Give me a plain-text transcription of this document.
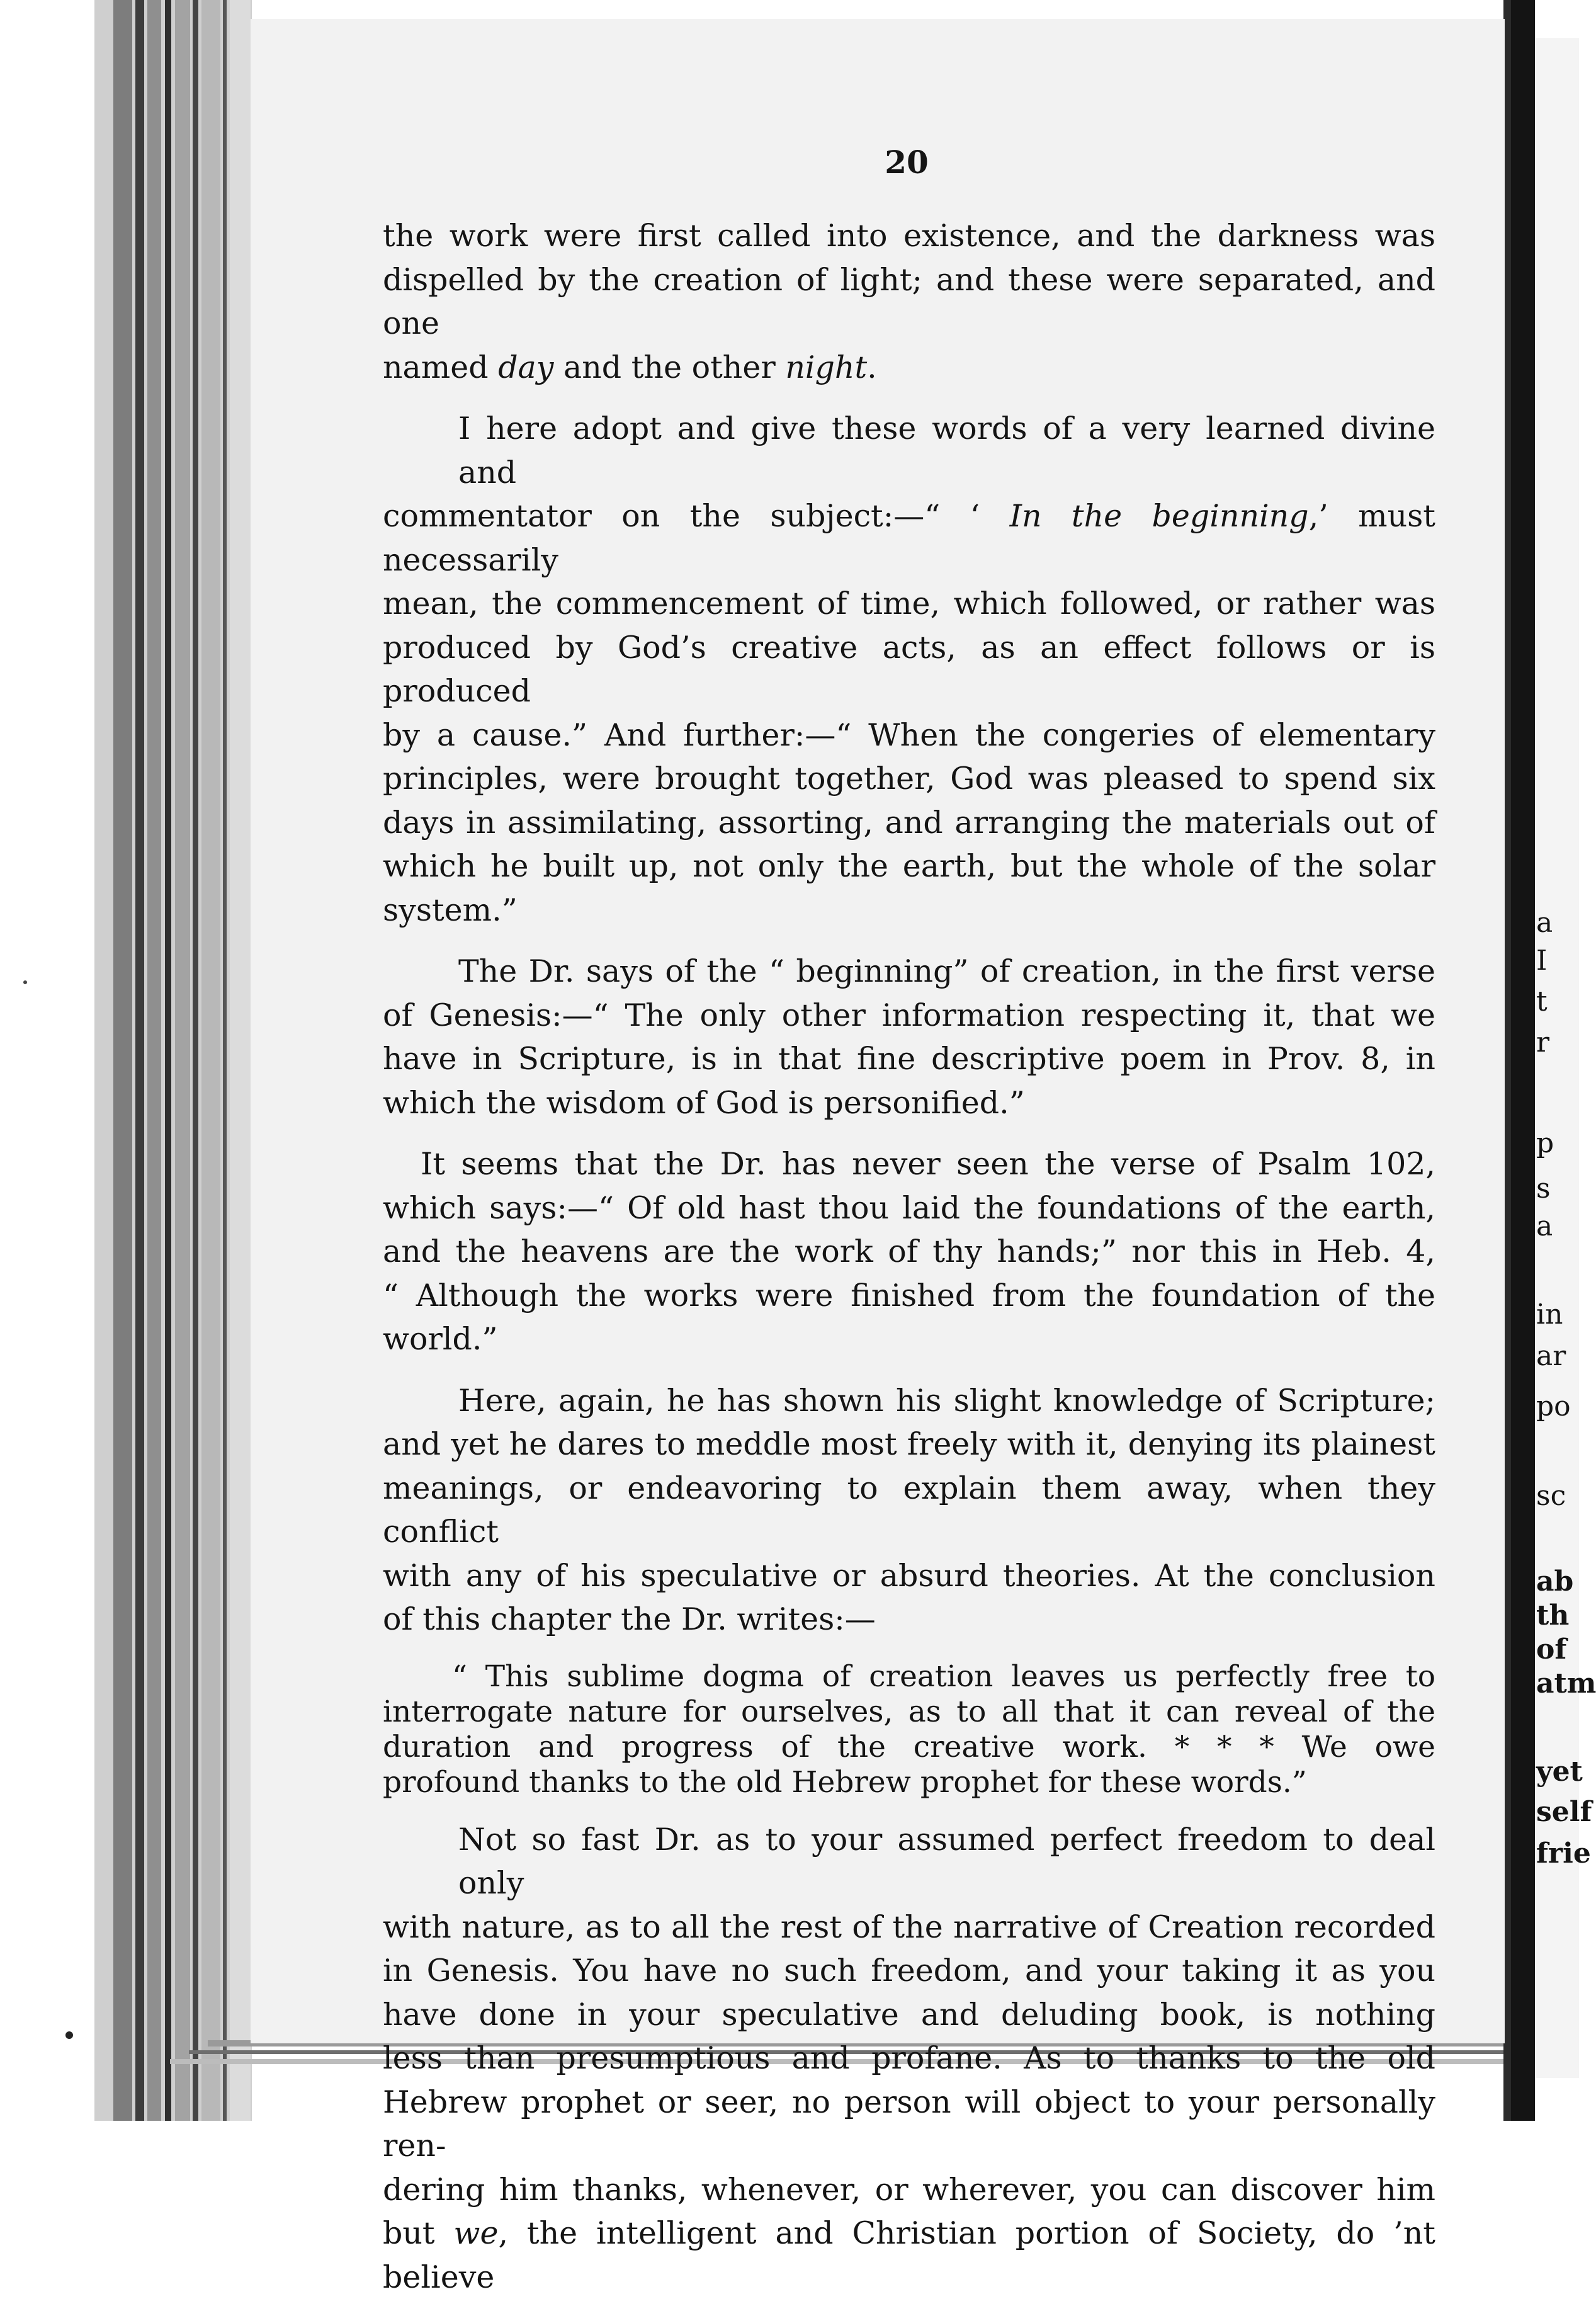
20

the work were first called into existence, and the darkness was
dispelled by the creation of light; and these were separated, and one
named day and the other night.

I here adopt and give these words of a very learned divine and
commentator on the subject:—“ ‘ In the beginning,’ must necessarily
mean, the commencement of time, which followed, or rather was
produced by God’s creative acts, as an effect follows or is produced
by a cause.” And further:—“ When the congeries of elementary
principles, were brought together, God was pleased to spend six
days in assimilating, assorting, and arranging the materials out of
which he built up, not only the earth, but the whole of the solar
system.”

The Dr. says of the “ beginning” of creation, in the first verse
of Genesis:—“ The only other information respecting it, that we
have in Scripture, is in that fine descriptive poem in Prov. 8, in
which the wisdom of God is personified.”

It seems that the Dr. has never seen the verse of Psalm 102,
which says:—“ Of old hast thou laid the foundations of the earth,
and the heavens are the work of thy hands;” nor this in Heb. 4,
“ Although the works were finished from the foundation of the
world.”

Here, again, he has shown his slight knowledge of Scripture;
and yet he dares to meddle most freely with it, denying its plainest
meanings, or endeavoring to explain them away, when they conflict
with any of his speculative or absurd theories. At the conclusion
of this chapter the Dr. writes:—

“ This sublime dogma of creation leaves us perfectly free to
interrogate nature for ourselves, as to all that it can reveal of the
duration and progress of the creative work. * * * We owe
profound thanks to the old Hebrew prophet for these words.”

Not so fast Dr. as to your assumed perfect freedom to deal only
with nature, as to all the rest of the narrative of Creation recorded
in Genesis. You have no such freedom, and your taking it as you
have done in your speculative and deluding book, is nothing
less than presumptious and profane. As to thanks to the old
Hebrew prophet or seer, no person will object to your personally ren-
dering him thanks, whenever, or wherever, you can discover him
but we, the intelligent and Christian portion of Society, do ’nt believe

a
I
t
r
p
s
a
in
ar
po
sc
ab
th
of
atm
yet
self
frie
